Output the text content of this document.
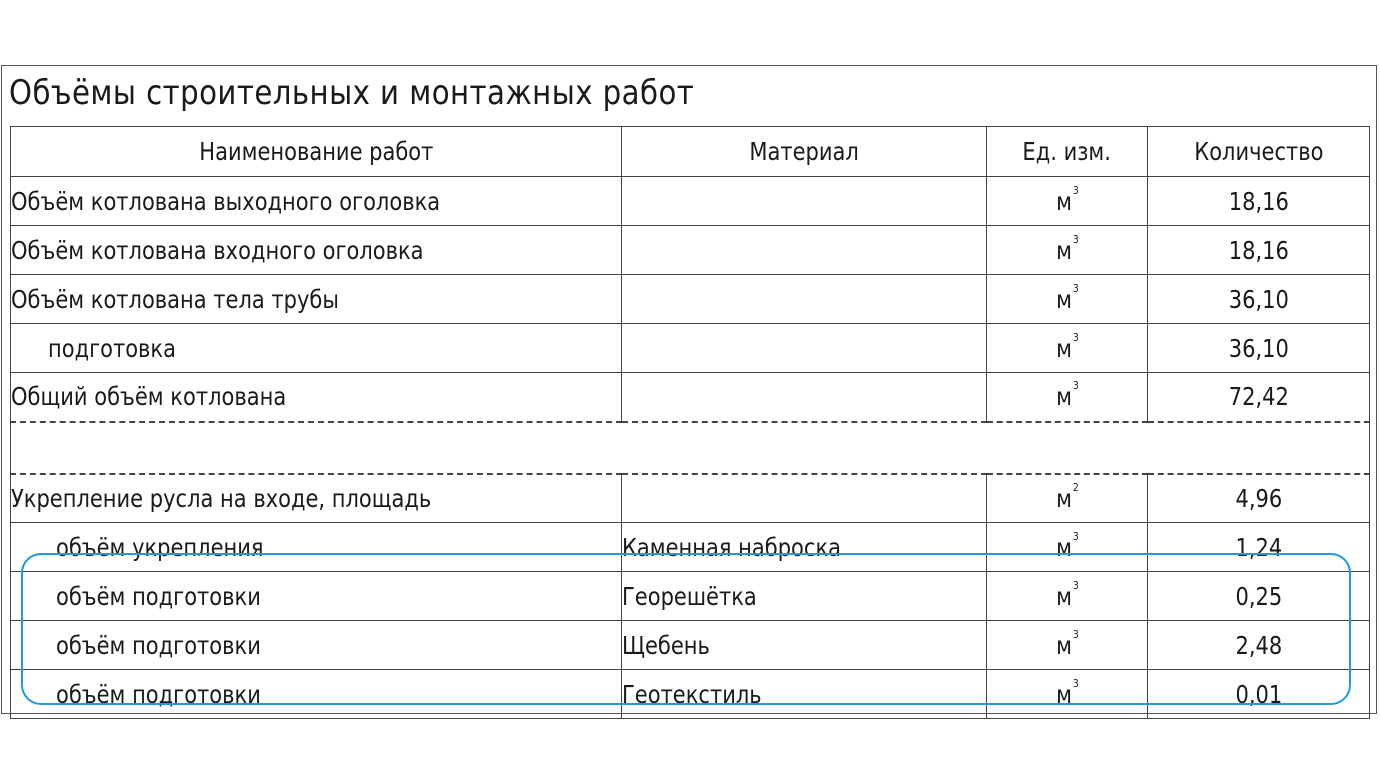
Объёмы строительных и монтажных работ
Наименование работ	Материал	Ед. изм.	Количество
Объём котлована выходного оголовка		$м^3$	18,16
Объём котлована входного оголовка		$м^3$	18,16
Объём котлована тела трубы		$м^3$	36,10
подготовка		$м^3$	36,10
Общий объём котлована		$м^3$	72,42

Укрепление русла на входе, площадь		$м^2$	4,96
объём укрепления	Каменная наброска	$м^3$	1,24
объём подготовки	Георешётка	$м^3$	0,25
объём подготовки	Щебень	$м^3$	2,48
объём подготовки	Геотекстиль	$м^3$	0,01
